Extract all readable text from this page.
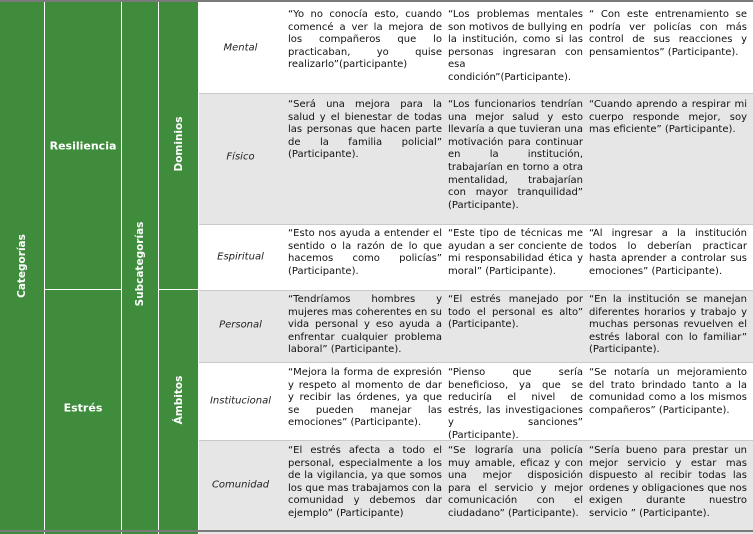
Categorías
Resiliencia
Estrés
Subcategorías
Dominios
Ámbitos
Mental
“Yo no conocía esto, cuando comencé a ver la mejora de los compañeros que lo practicaban, yo quise realizarlo”(participante)
“Los problemas mentales son motivos de bullying en la institución, como si las personas ingresaran con esa condición”(Participante).
“ Con este entrenamiento se podría ver policías con más control de sus reacciones y pensamientos” (Participante).
Físico
“Será una mejora para la salud y el bienestar de todas las personas que hacen parte de la familia policial” (Participante).
“Los funcionarios tendrían una mejor salud y esto llevaría a que tuvieran una motivación para continuar en la institución, trabajarían en torno a otra mentalidad, trabajarían con mayor tranquilidad” (Participante).
“Cuando aprendo a respirar mi cuerpo responde mejor, soy mas eficiente” (Participante).
Espiritual
“Esto nos ayuda a entender el sentido o la razón de lo que hacemos como policías” (Participante).
“Este tipo de técnicas me ayudan a ser conciente de mi responsabilidad ética y moral” (Participante).
“Al ingresar a la institución todos lo deberían practicar hasta aprender a controlar sus emociones” (Participante).
Personal
“Tendríamos hombres y mujeres mas coherentes en su vida personal y eso ayuda a enfrentar cualquier problema laboral” (Participante).
“El estrés manejado por todo el personal es alto” (Participante).
“En la institución se manejan diferentes horarios y trabajo y muchas personas revuelven el estrés laboral con lo familiar” (Participante).
Institucional
“Mejora la forma de expresión y respeto al momento de dar y recibir las órdenes, ya que se pueden manejar las emociones” (Participante).
“Pienso que sería beneficioso, ya que se reduciría el nivel de estrés, las investigaciones y sanciones” (Participante).
“Se notaría un mejoramiento del trato brindado tanto a la comunidad como a los mismos compañeros” (Participante).
Comunidad
“El estrés afecta a todo el personal, especialmente a los de la vigilancia, ya que somos los que mas trabajamos con la comunidad y debemos dar ejemplo” (Participante)
“Se lograría una policía muy amable, eficaz y con una mejor disposición para el servicio y mejor comunicación con el ciudadano” (Participante).
“Sería bueno para prestar un mejor servicio y estar mas dispuesto al recibir todas las ordenes y obligaciones que nos exigen durante nuestro servicio ” (Participante).
